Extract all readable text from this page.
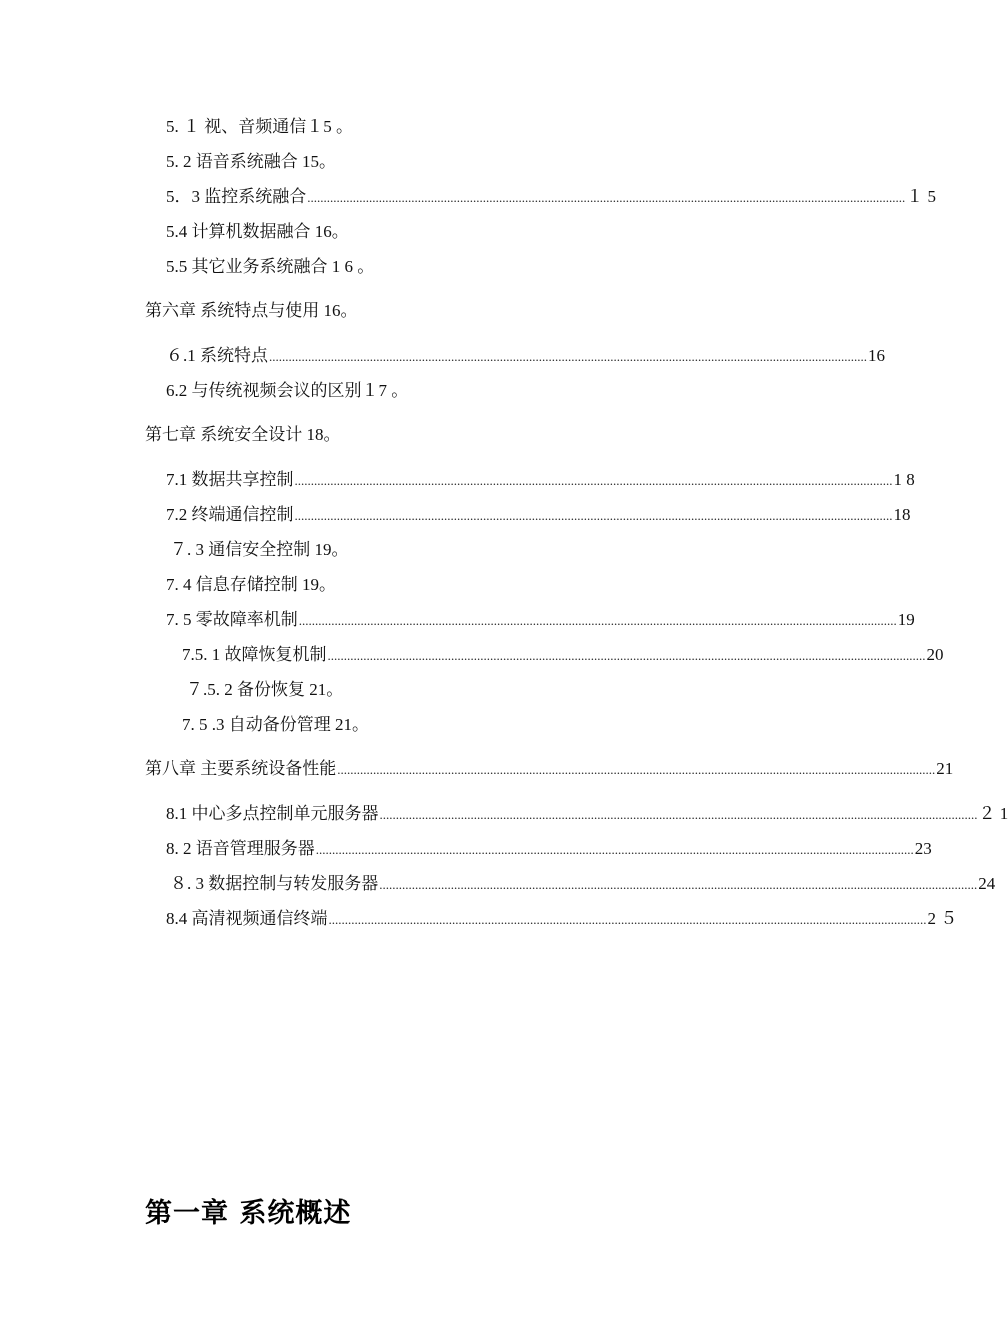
5. １ 视、音频通信１5 。
5. 2 语音系统融合 15。
5．3 监控系统融合 ........................................................................................................................................................................................ １ 5
5.4 计算机数据融合 16。
5.5 其它业务系统融合 1 6 。
第六章 系统特点与使用 16。
６.1 系统特点 ........................................................................................................................................................................................ 16
6.2 与传统视频会议的区别１7 。
第七章 系统安全设计 18。
7.1 数据共享控制 ........................................................................................................................................................................................ 1 8
7.2 终端通信控制 ........................................................................................................................................................................................ 18
７. 3 通信安全控制 19。
7. 4 信息存储控制 19。
7. 5 零故障率机制 ........................................................................................................................................................................................ 19
7.5. 1 故障恢复机制 ........................................................................................................................................................................................ 20
７.5. 2 备份恢复 21。
7. 5 .3 自动备份管理 21。
第八章 主要系统设备性能 ........................................................................................................................................................................................ 21
8.1 中心多点控制单元服务器 ........................................................................................................................................................................................ ２ 1
8. 2 语音管理服务器 ........................................................................................................................................................................................ 23
８. 3 数据控制与转发服务器 ........................................................................................................................................................................................ 24
8.4 高清视频通信终端 ........................................................................................................................................................................................ 2 ５
第一章 系统概述
